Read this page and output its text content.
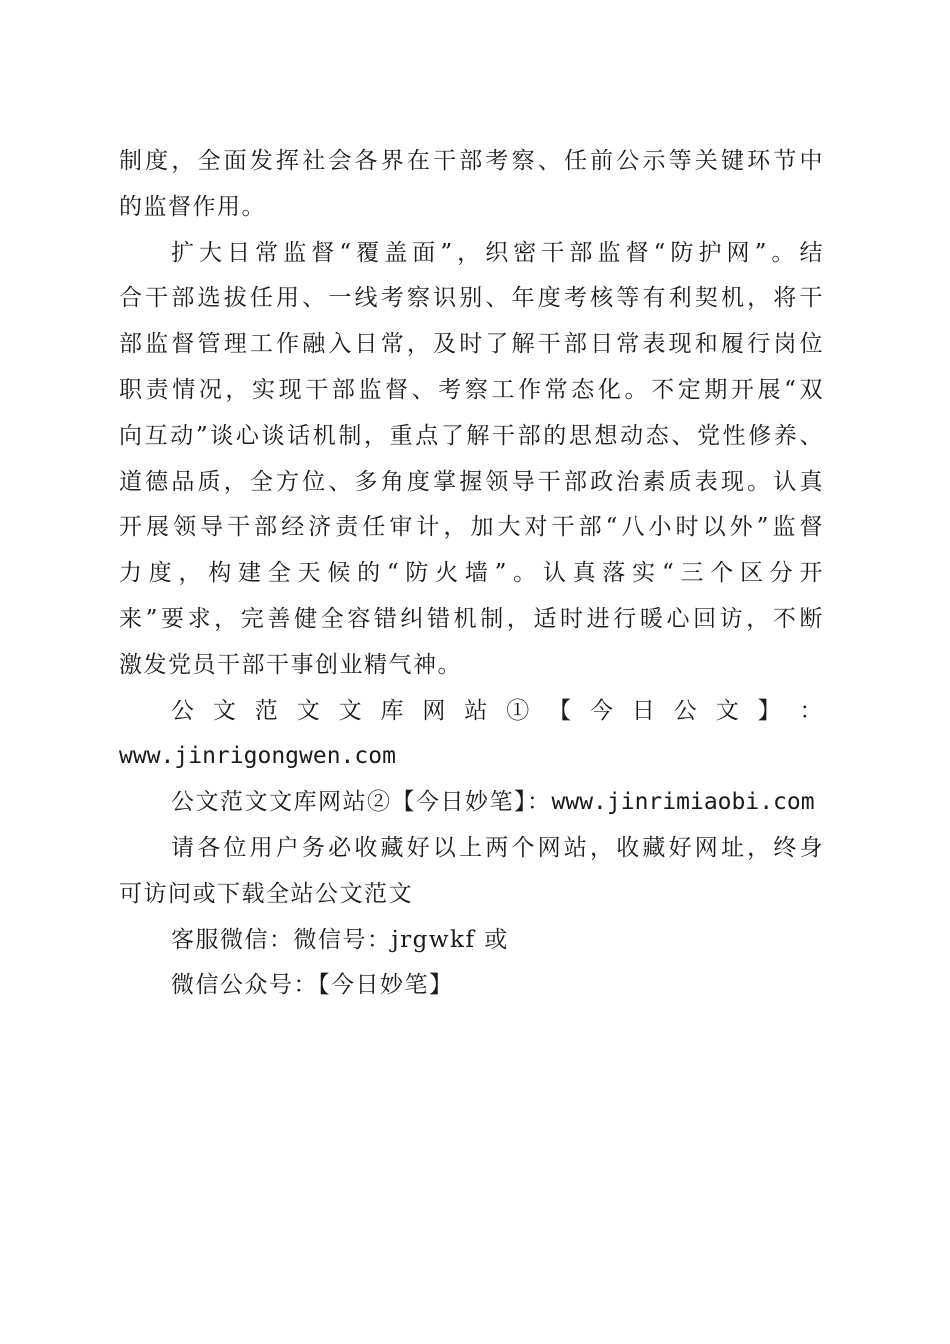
制度，全面发挥社会各界在干部考察、任前公示等关键环节中
的监督作用。
扩大日常监督“覆盖面”，织密干部监督“防护网”。结
合干部选拔任用、一线考察识别、年度考核等有利契机，将干
部监督管理工作融入日常，及时了解干部日常表现和履行岗位
职责情况，实现干部监督、考察工作常态化。不定期开展“双
向互动”谈心谈话机制，重点了解干部的思想动态、党性修养、
道德品质，全方位、多角度掌握领导干部政治素质表现。认真
开展领导干部经济责任审计，加大对干部“八小时以外”监督
力度，构建全天候的“防火墙”。认真落实“三个区分开
来”要求，完善健全容错纠错机制，适时进行暖心回访，不断
激发党员干部干事创业精气神。
公 文 范 文 文 库 网 站 ① 【 今 日 公 文 】 ：
www.jinrigongwen.com
公文范文文库网站②【今日妙笔】：www.jinrimiaobi.com
请各位用户务必收藏好以上两个网站，收藏好网址，终身
可访问或下载全站公文范文
客服微信：微信号：jrgwkf 或
微信公众号：【今日妙笔】
